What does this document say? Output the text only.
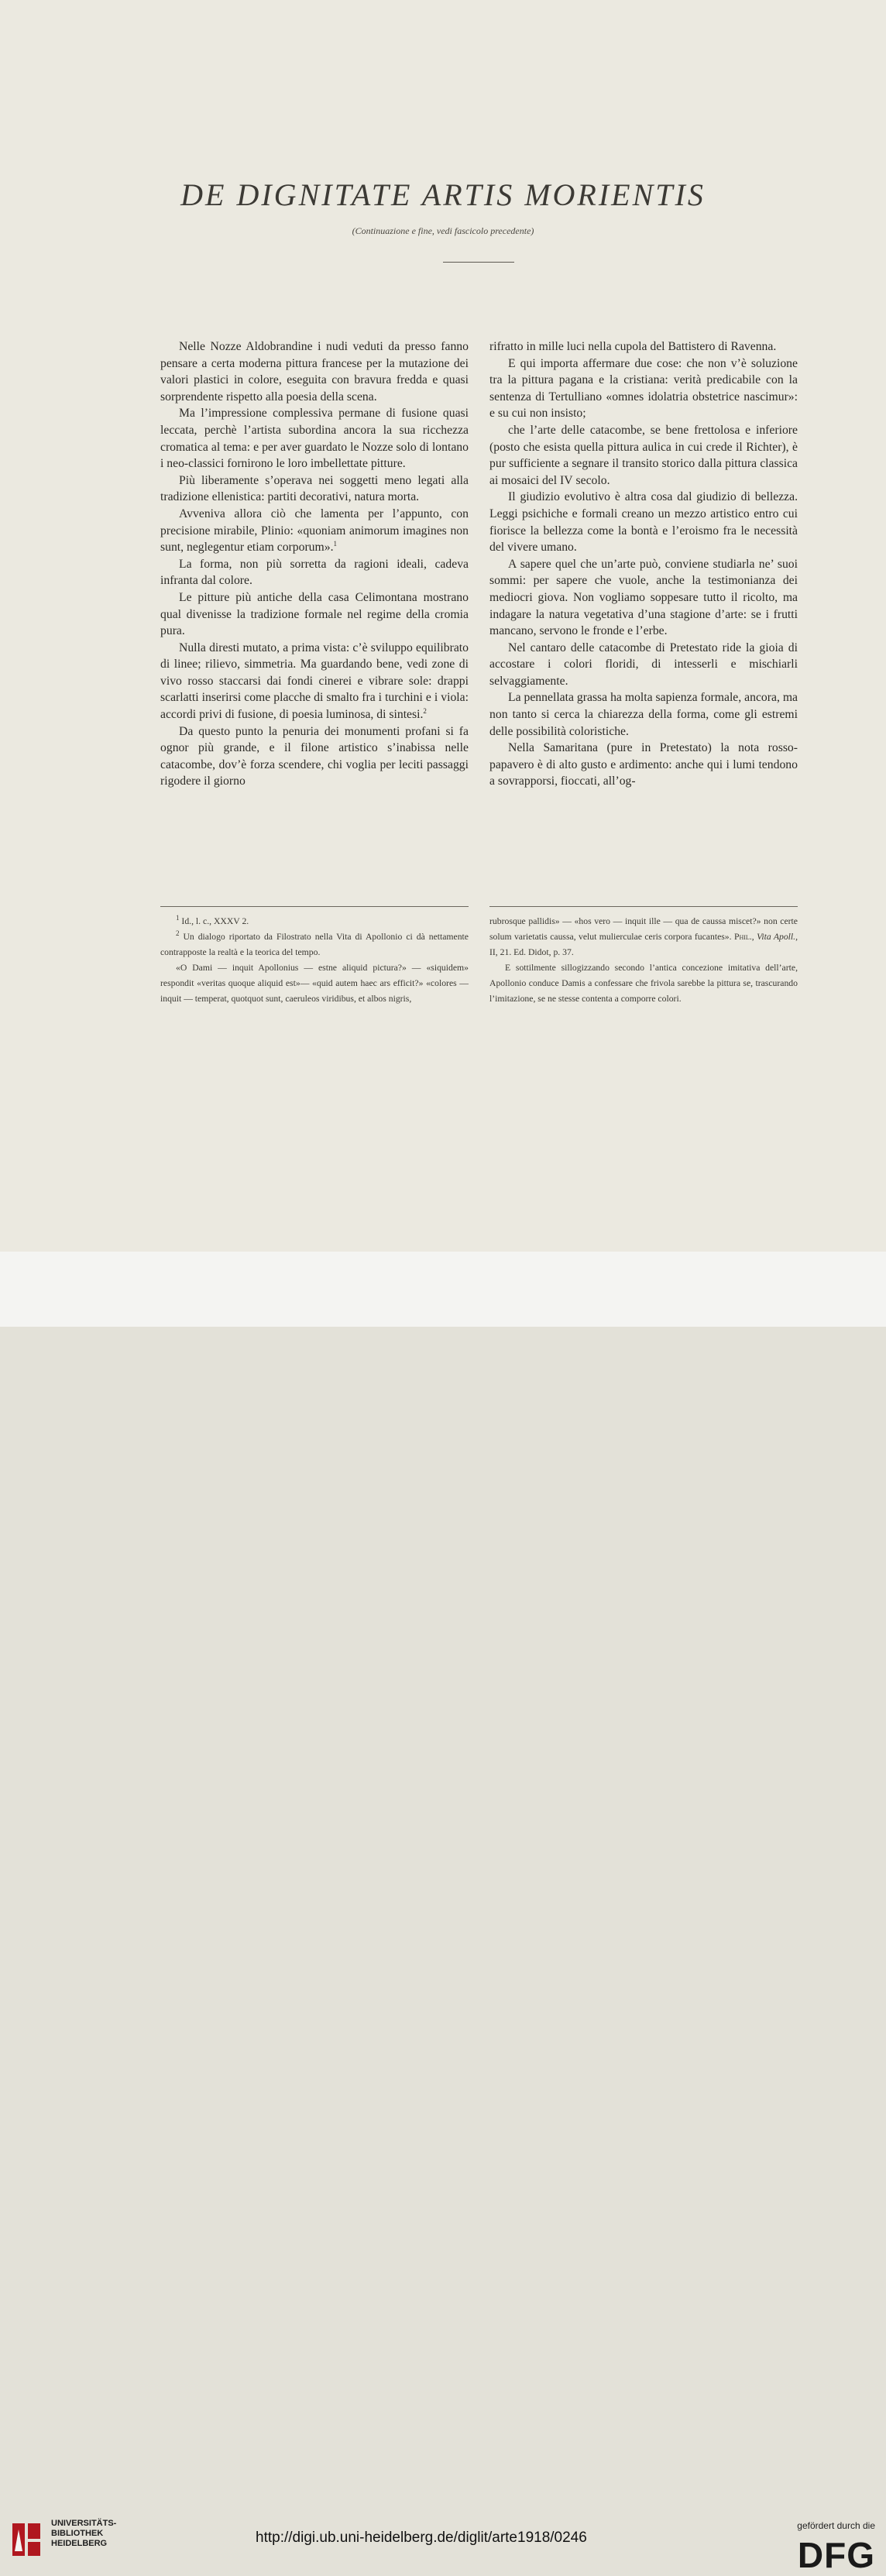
DE DIGNITATE ARTIS MORIENTIS
(Continuazione e fine, vedi fascicolo precedente)

Nelle Nozze Aldobrandine i nudi veduti da presso fanno pensare a certa moderna pittura francese per la mutazione dei valori plastici in colore, eseguita con bravura fredda e quasi sorprendente rispetto alla poesia della scena.

Ma l’impressione complessiva permane di fusione quasi leccata, perchè l’artista subordina ancora la sua ricchezza cromatica al tema: e per aver guardato le Nozze solo di lontano i neo-classici fornirono le loro imbellettate pitture.

Più liberamente s’operava nei soggetti meno legati alla tradizione ellenistica: partiti decorativi, natura morta.

Avveniva allora ciò che lamenta per l’appunto, con precisione mirabile, Plinio: «quoniam animorum imagines non sunt, neglegentur etiam corporum».$^1$

La forma, non più sorretta da ragioni ideali, cadeva infranta dal colore.

Le pitture più antiche della casa Celimontana mostrano qual divenisse la tradizione formale nel regime della cromia pura.

Nulla diresti mutato, a prima vista: c’è sviluppo equilibrato di linee; rilievo, simmetria. Ma guardando bene, vedi zone di vivo rosso staccarsi dai fondi cinerei e vibrare sole: drappi scarlatti inserirsi come placche di smalto fra i turchini e i viola: accordi privi di fusione, di poesia luminosa, di sintesi.$^2$

Da questo punto la penuria dei monumenti profani si fa ognor più grande, e il filone artistico s’inabissa nelle catacombe, dov’è forza scendere, chi voglia per leciti passaggi rigodere il giorno

rifratto in mille luci nella cupola del Battistero di Ravenna.

E qui importa affermare due cose: che non v’è soluzione tra la pittura pagana e la cristiana: verità predicabile con la sentenza di Tertulliano «omnes idolatria obstetrice nascimur»: e su cui non insisto;

che l’arte delle catacombe, se bene frettolosa e inferiore (posto che esista quella pittura aulica in cui crede il Richter), è pur sufficiente a segnare il transito storico dalla pittura classica ai mosaici del IV secolo.

Il giudizio evolutivo è altra cosa dal giudizio di bellezza. Leggi psichiche e formali creano un mezzo artistico entro cui fiorisce la bellezza come la bontà e l’eroismo fra le necessità del vivere umano.

A sapere quel che un’arte può, conviene studiarla ne’ suoi sommi: per sapere che vuole, anche la testimonianza dei mediocri giova. Non vogliamo soppesare tutto il ricolto, ma indagare la natura vegetativa d’una stagione d’arte: se i frutti mancano, servono le fronde e l’erbe.

Nel cantaro delle catacombe di Pretestato ride la gioia di accostare i colori floridi, di intesserli e mischiarli selvaggiamente.

La pennellata grassa ha molta sapienza formale, ancora, ma non tanto si cerca la chiarezza della forma, come gli estremi delle possibilità coloristiche.

Nella Samaritana (pure in Pretestato) la nota rosso-papavero è di alto gusto e ardimento: anche qui i lumi tendono a sovrapporsi, fioccati, all’og-

$^1$ Id., l. c., XXXV 2.

$^2$ Un dialogo riportato da Filostrato nella Vita di Apollonio ci dà nettamente contrapposte la realtà e la teorica del tempo.

«O Dami — inquit Apollonius — estne aliquid pictura?» — «siquidem» respondit «veritas quoque aliquid est»— «quid autem haec ars efficit?» «colores — inquit — temperat, quotquot sunt, caeruleos viridibus, et albos nigris,

rubrosque pallidis» — «hos vero — inquit ille — qua de caussa miscet?» non certe solum varietatis caussa, velut mulierculae ceris corpora fucantes». Phil., Vita Apoll., II, 21. Ed. Didot, p. 37.

E sottilmente sillogizzando secondo l’antica concezione imitativa dell’arte, Apollonio conduce Damis a confessare che frivola sarebbe la pittura se, trascurando l’imitazione, se ne stesse contenta a comporre colori.

UNIVERSITÄTS-
BIBLIOTHEK
HEIDELBERG	http://digi.ub.uni-heidelberg.de/diglit/arte1918/0246
gefördert durch die
DFG
